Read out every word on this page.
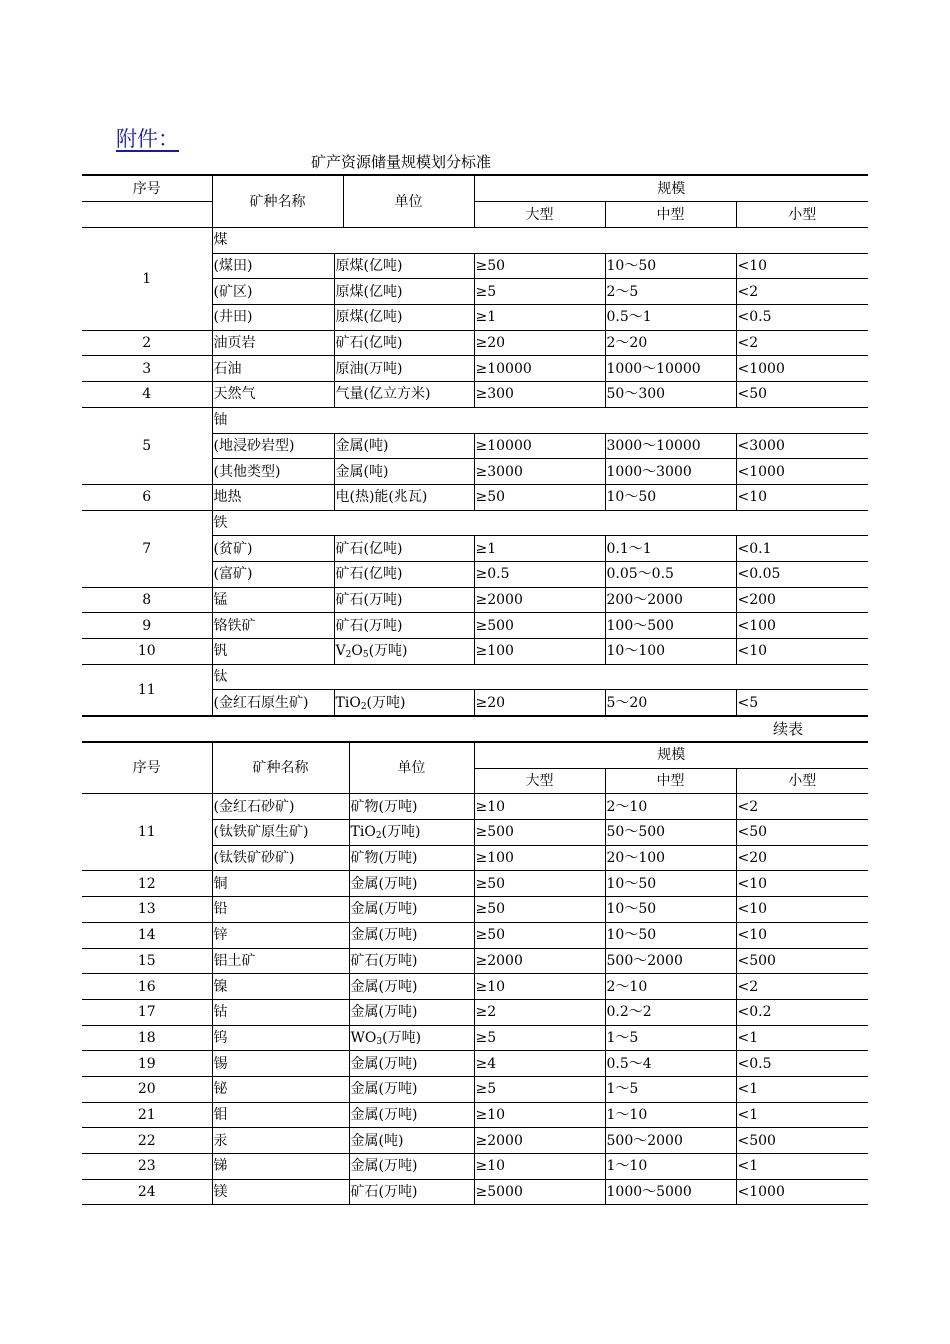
附件：
矿产资源储量规模划分标准
续表
序号	矿种名称 单位		规模		
			大型	中型	小型
1	煤				
	(煤田)	原煤(亿吨)	≥50	10～50	<10
	(矿区)	原煤(亿吨)	≥5	2～5	<2
	(井田)	原煤(亿吨)	≥1	0.5～1	<0.5
2	油页岩	矿石(亿吨)	≥20	2～20	<2
3	石油	原油(万吨)	≥10000	1000～10000	<1000
4	天然气	气量(亿立方米)	≥300	50～300	<50
5	铀				
	(地浸砂岩型)	金属(吨)	≥10000	3000～10000	<3000
	(其他类型)	金属(吨)	≥3000	1000～3000	<1000
6	地热	电(热)能(兆瓦)	≥50	10～50	<10
7	铁				
	(贫矿)	矿石(亿吨)	≥1	0.1～1	<0.1
	(富矿)	矿石(亿吨)	≥0.5	0.05～0.5	<0.05
8	锰	矿石(万吨)	≥2000	200～2000	<200
9	铬铁矿	矿石(万吨)	≥500	100～500	<100
10	钒	$V_2O_5$(万吨)	≥100	10～100	<10
11	钛				
	(金红石原生矿)	TiO$_2$(万吨)	≥20	5～20	<5
序号	矿种名称	单位	规模		
			大型	中型	小型
11	(金红石砂矿)	矿物(万吨)	≥10	2～10	<2
	(钛铁矿原生矿)	TiO$_2$(万吨)	≥500	50～500	<50
	(钛铁矿砂矿)	矿物(万吨)	≥100	20～100	<20
12	铜	金属(万吨)	≥50	10～50	<10
13	铅	金属(万吨)	≥50	10～50	<10
14	锌	金属(万吨)	≥50	10～50	<10
15	铝土矿	矿石(万吨)	≥2000	500～2000	<500
16	镍	金属(万吨)	≥10	2～10	<2
17	钴	金属(万吨)	≥2	0.2～2	<0.2
18	钨	$WO_3$(万吨)	≥5	1～5	<1
19	锡	金属(万吨)	≥4	0.5～4	<0.5
20	铋	金属(万吨)	≥5	1～5	<1
21	钼	金属(万吨)	≥10	1～10	<1
22	汞	金属(吨)	≥2000	500～2000	<500
23	锑	金属(万吨)	≥10	1～10	<1
24	镁	矿石(万吨)	≥5000	1000～5000	<1000
